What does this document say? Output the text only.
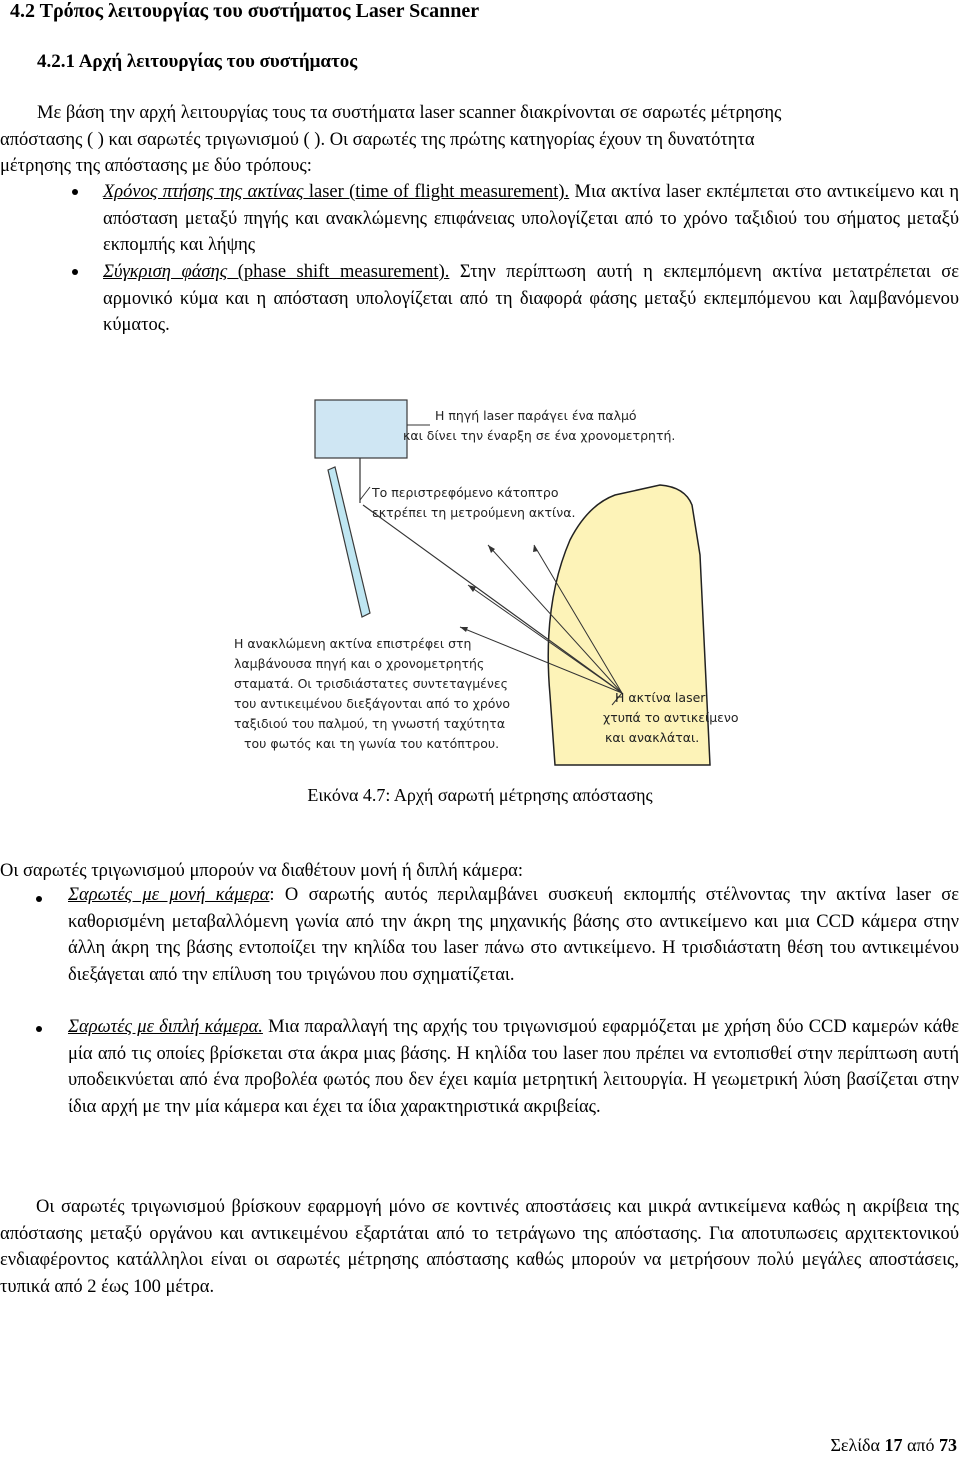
4.2 Τρόπος λειτουργίας του συστήματος Laser Scanner
4.2.1 Αρχή λειτουργίας του συστήματος
Με βάση την αρχή λειτουργίας τους τα συστήματα laser scanner διακρίνονται σε σαρωτές μέτρησης
απόστασης ( ) και σαρωτές τριγωνισμού ( ). Οι σαρωτές της πρώτης κατηγορίας έχουν τη δυνατότητα
μέτρησης της απόστασης με δύο τρόπους:

Χρόνος πτήσης της ακτίνας laser (time of flight measurement). Μια ακτίνα laser εκπέμπεται στο αντικείμενο και η απόσταση μεταξύ πηγής και ανακλώμενης επιφάνειας υπολογίζεται από το χρόνο ταξιδιού του σήματος μεταξύ εκπομπής και λήψης

Σύγκριση φάσης (phase shift measurement). Στην περίπτωση αυτή η εκπεμπόμενη ακτίνα μετατρέπεται σε αρμονικό κύμα και η απόσταση υπολογίζεται από τη διαφορά φάσης μεταξύ εκπεμπόμενου και λαμβανόμενου κύματος.

Η πηγή laser παράγει ένα παλμό
και δίνει την έναρξη σε ένα χρονομετρητή.
Το περιστρεφόμενο κάτοπτρο
εκτρέπει τη μετρούμενη ακτίνα.
Η ανακλώμενη ακτίνα επιστρέφει στη
λαμβάνουσα πηγή και ο χρονομετρητής
σταματά. Οι τρισδιάστατες συντεταγμένες
του αντικειμένου διεξάγονται από το χρόνο
ταξιδιού του παλμού, τη γνωστή ταχύτητα
του φωτός και τη γωνία του κατόπτρου.
Η ακτίνα laser
χτυπά το αντικείμενο
και ανακλάται.
Εικόνα 4.7: Αρχή σαρωτή μέτρησης απόστασης
Οι σαρωτές τριγωνισμού μπορούν να διαθέτουν μονή ή διπλή κάμερα:

Σαρωτές με μονή κάμερα: Ο σαρωτής αυτός περιλαμβάνει συσκευή εκπομπής στέλνοντας την ακτίνα laser σε καθορισμένη μεταβαλλόμενη γωνία από την άκρη της μηχανικής βάσης στο αντικείμενο και μια CCD κάμερα στην άλλη άκρη της βάσης εντοποίζει την κηλίδα του laser πάνω στο αντικείμενο. Η τρισδιάστατη θέση του αντικειμένου διεξάγεται από την επίλυση του τριγώνου που σχηματίζεται.

Σαρωτές με διπλή κάμερα. Μια παραλλαγή της αρχής του τριγωνισμού εφαρμόζεται με χρήση δύο CCD καμερών κάθε μία από τις οποίες βρίσκεται στα άκρα μιας βάσης. Η κηλίδα του laser που πρέπει να εντοπισθεί στην περίπτωση αυτή υποδεικνύεται από ένα προβολέα φωτός που δεν έχει καμία μετρητική λειτουργία. Η γεωμετρική λύση βασίζεται στην ίδια αρχή με την μία κάμερα και έχει τα ίδια χαρακτηριστικά ακριβείας.

Οι σαρωτές τριγωνισμού βρίσκουν εφαρμογή μόνο σε κοντινές αποστάσεις και μικρά αντικείμενα καθώς η ακρίβεια της απόστασης μεταξύ οργάνου και αντικειμένου εξαρτάται από το τετράγωνο της απόστασης. Για αποτυπωσεις αρχιτεκτονικού ενδιαφέροντος κατάλληλοι είναι οι σαρωτές μέτρησης απόστασης καθώς μπορούν να μετρήσουν πολύ μεγάλες αποστάσεις, τυπικά από 2 έως 100 μέτρα.

Σελίδα 17 από 73
